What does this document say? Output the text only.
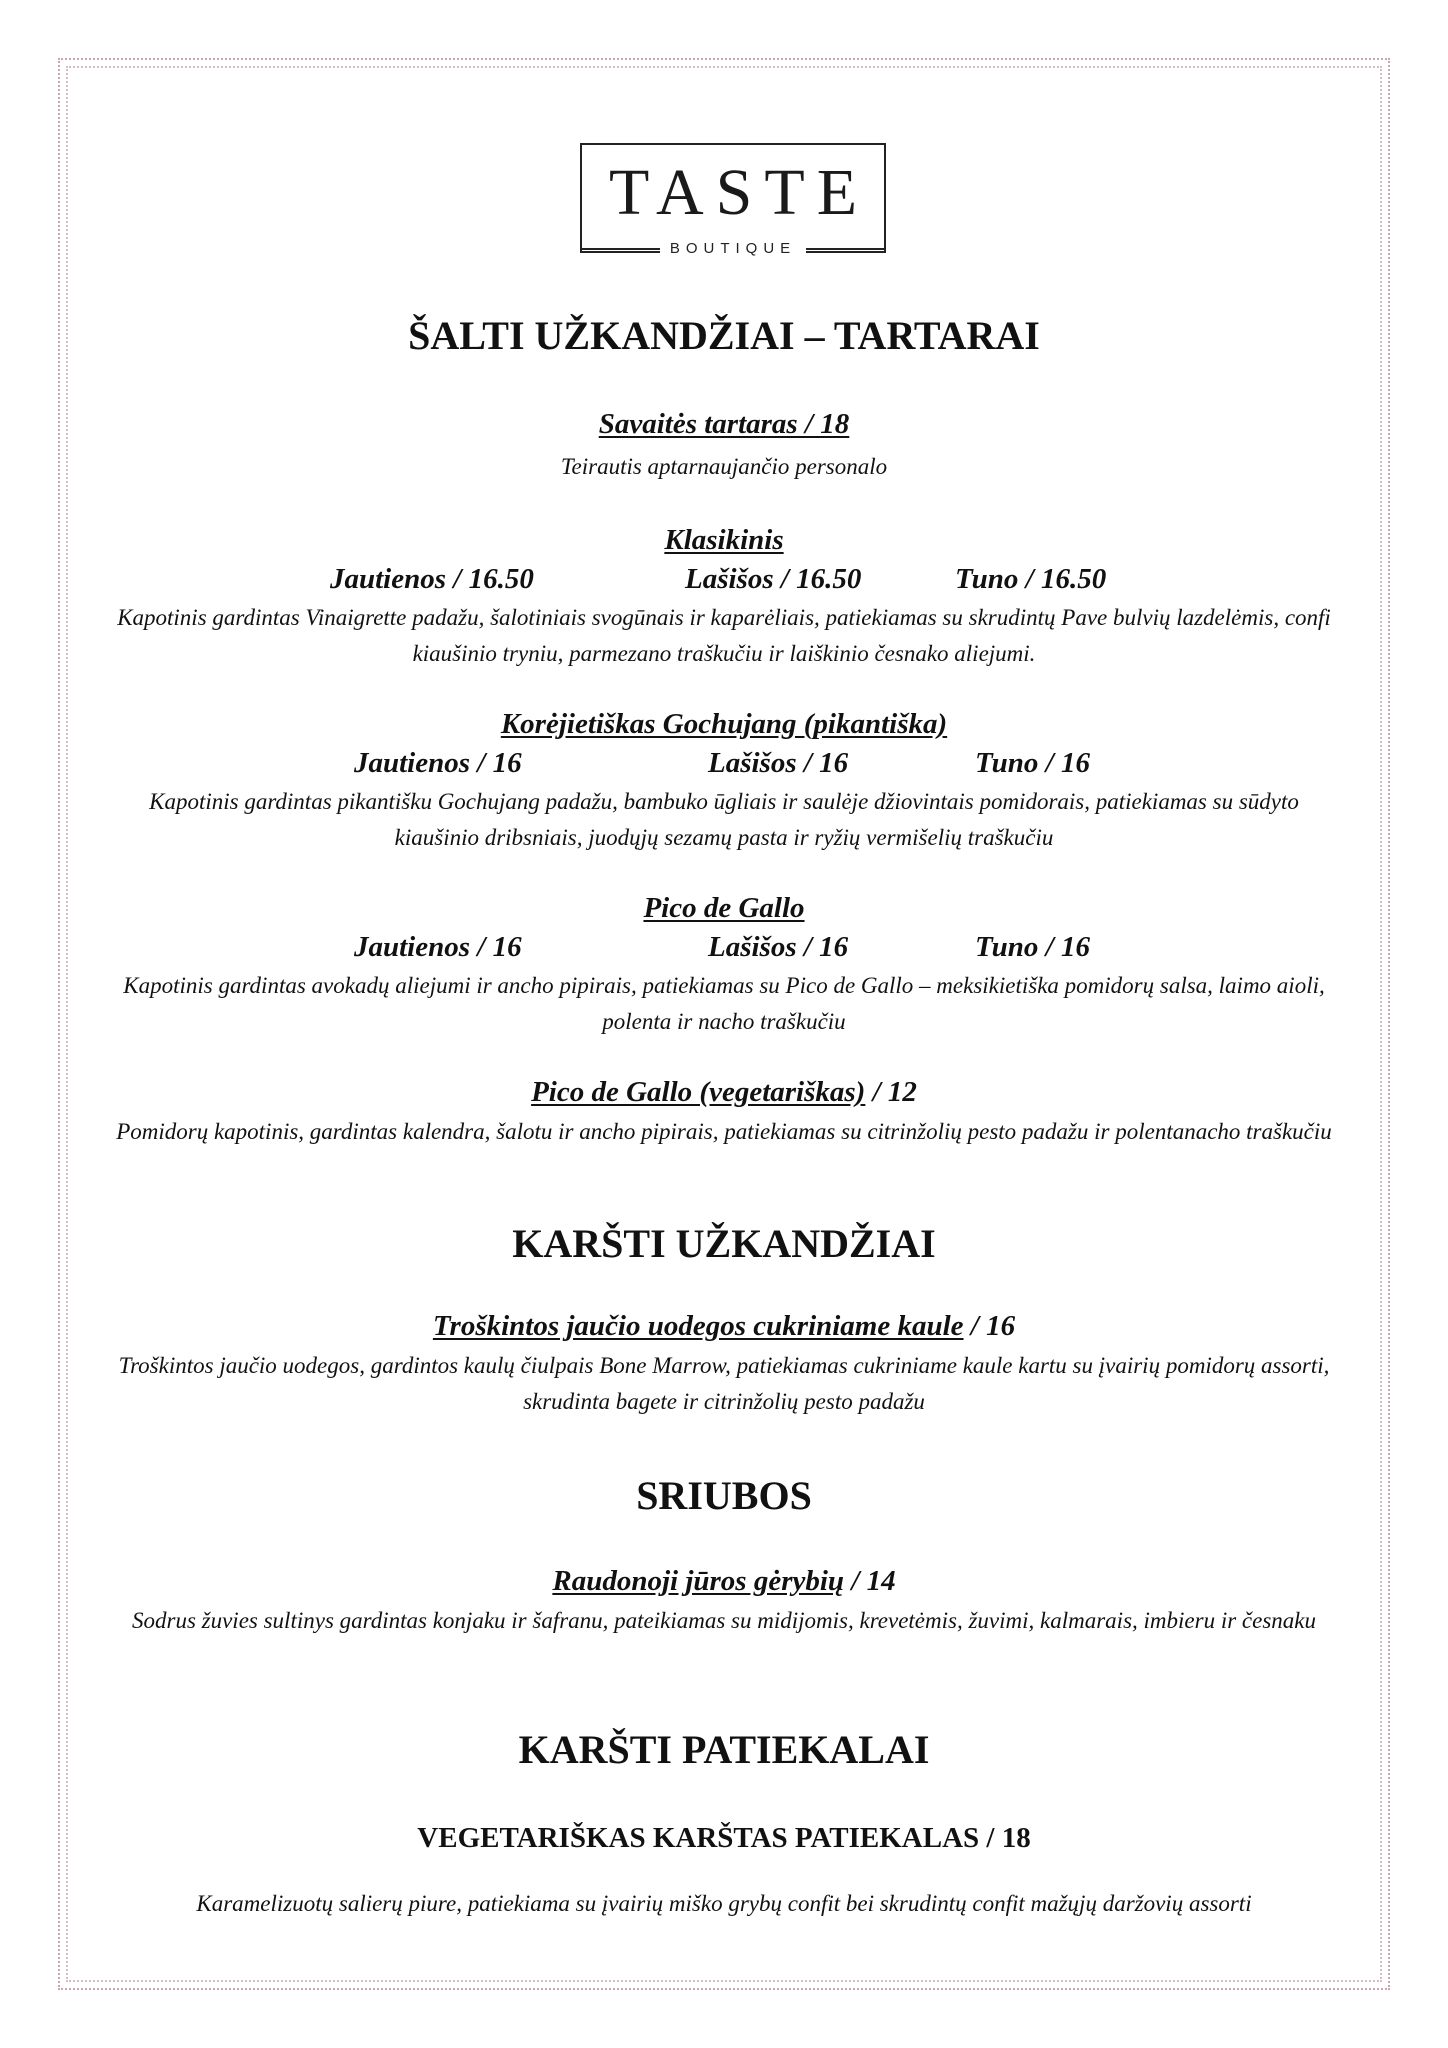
TASTE
BOUTIQUE
ŠALTI UŽKANDŽIAI – TARTARAI
Savaitės tartaras / 18
Teirautis aptarnaujančio personalo
Klasikinis
Jautienos / 16.50	Lašišos / 16.50	Tuno / 16.50
Kapotinis gardintas Vinaigrette padažu, šalotiniais svogūnais ir kaparėliais, patiekiamas su skrudintų Pave bulvių lazdelėmis, confi kiaušinio tryniu, parmezano traškučiu ir laiškinio česnako aliejumi.
Korėjietiškas Gochujang (pikantiška)
Jautienos / 16	Lašišos / 16	Tuno / 16
Kapotinis gardintas pikantišku Gochujang padažu, bambuko ūgliais ir saulėje džiovintais pomidorais, patiekiamas su sūdyto kiaušinio dribsniais, juodųjų sezamų pasta ir ryžių vermišelių traškučiu
Pico de Gallo
Jautienos / 16	Lašišos / 16	Tuno / 16
Kapotinis gardintas avokadų aliejumi ir ancho pipirais, patiekiamas su Pico de Gallo – meksikietiška pomidorų salsa, laimo aioli, polenta ir nacho traškučiu
Pico de Gallo (vegetariškas) / 12
Pomidorų kapotinis, gardintas kalendra, šalotu ir ancho pipirais, patiekiamas su citrinžolių pesto padažu ir polentanacho traškučiu
KARŠTI UŽKANDŽIAI
Troškintos jaučio uodegos cukriniame kaule / 16
Troškintos jaučio uodegos, gardintos kaulų čiulpais Bone Marrow, patiekiamas cukriniame kaule kartu su įvairių pomidorų assorti, skrudinta bagete ir citrinžolių pesto padažu
SRIUBOS
Raudonoji jūros gėrybių / 14
Sodrus žuvies sultinys gardintas konjaku ir šafranu, pateikiamas su midijomis, krevetėmis, žuvimi, kalmarais, imbieru ir česnaku
KARŠTI PATIEKALAI
VEGETARIŠKAS KARŠTAS PATIEKALAS / 18
Karamelizuotų salierų piure, patiekiama su įvairių miško grybų confit bei skrudintų confit mažųjų daržovių assorti
